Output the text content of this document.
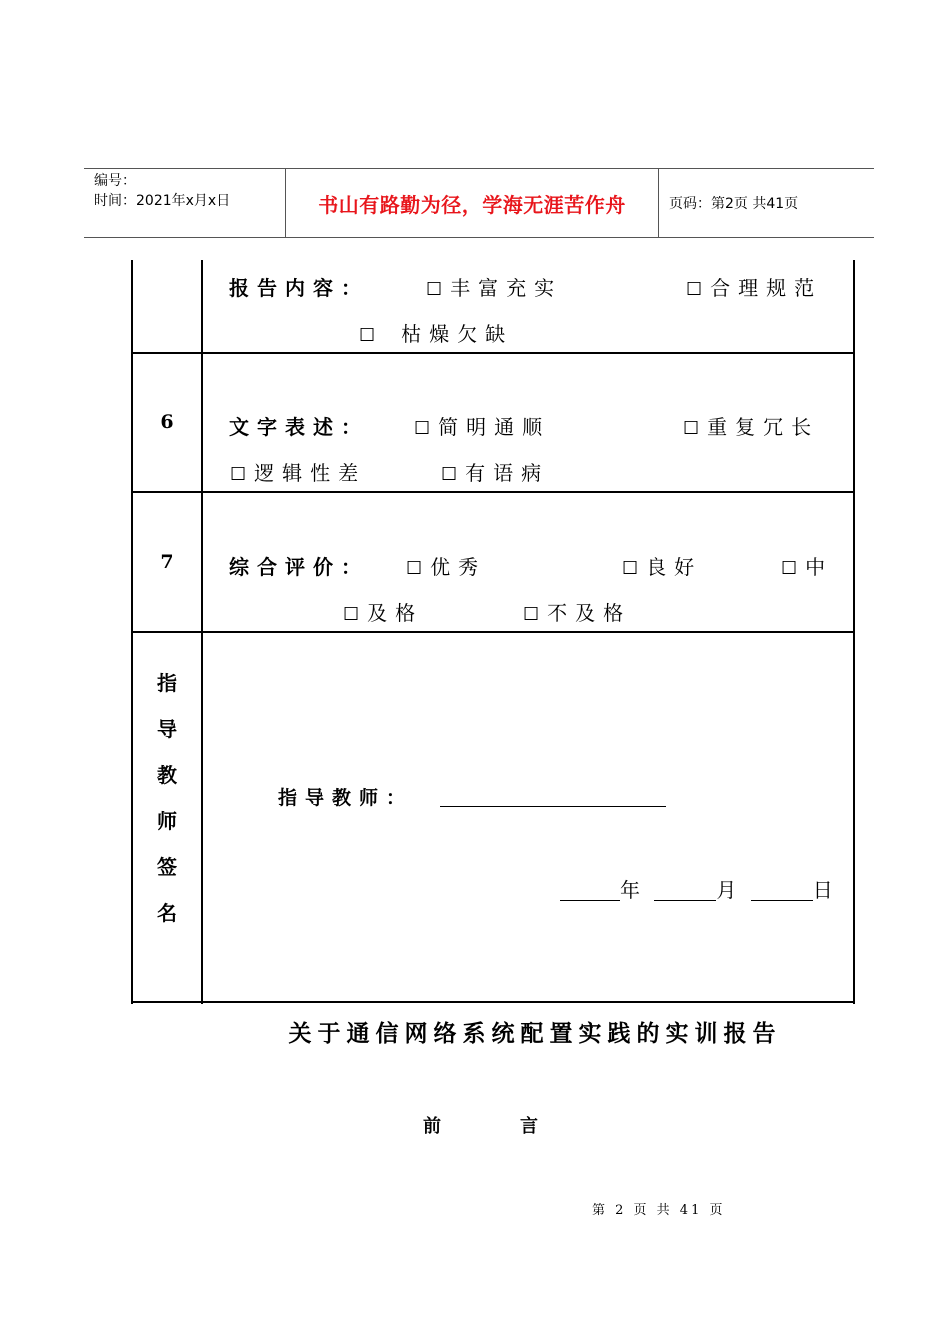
编号：
时间：2021年x月x日	书山有路勤为径，学海无涯苦作舟	页码：第2页 共41页
报告内容：	☐ 丰富充实	☐ 合理规范
☐ 枯燥欠缺
6	文字表述：	☐ 简明通顺	☐ 重复冗长
☐ 逻辑性差	☐ 有语病
7	综合评价： ☐ 优秀	☐ 良好	☐ 中
☐ 及格	☐ 不及格
指
导
教
师
签
名
指导教师：
年	月	日
关于通信网络系统配置实践的实训报告
前	言
第 2 页 共 41 页
